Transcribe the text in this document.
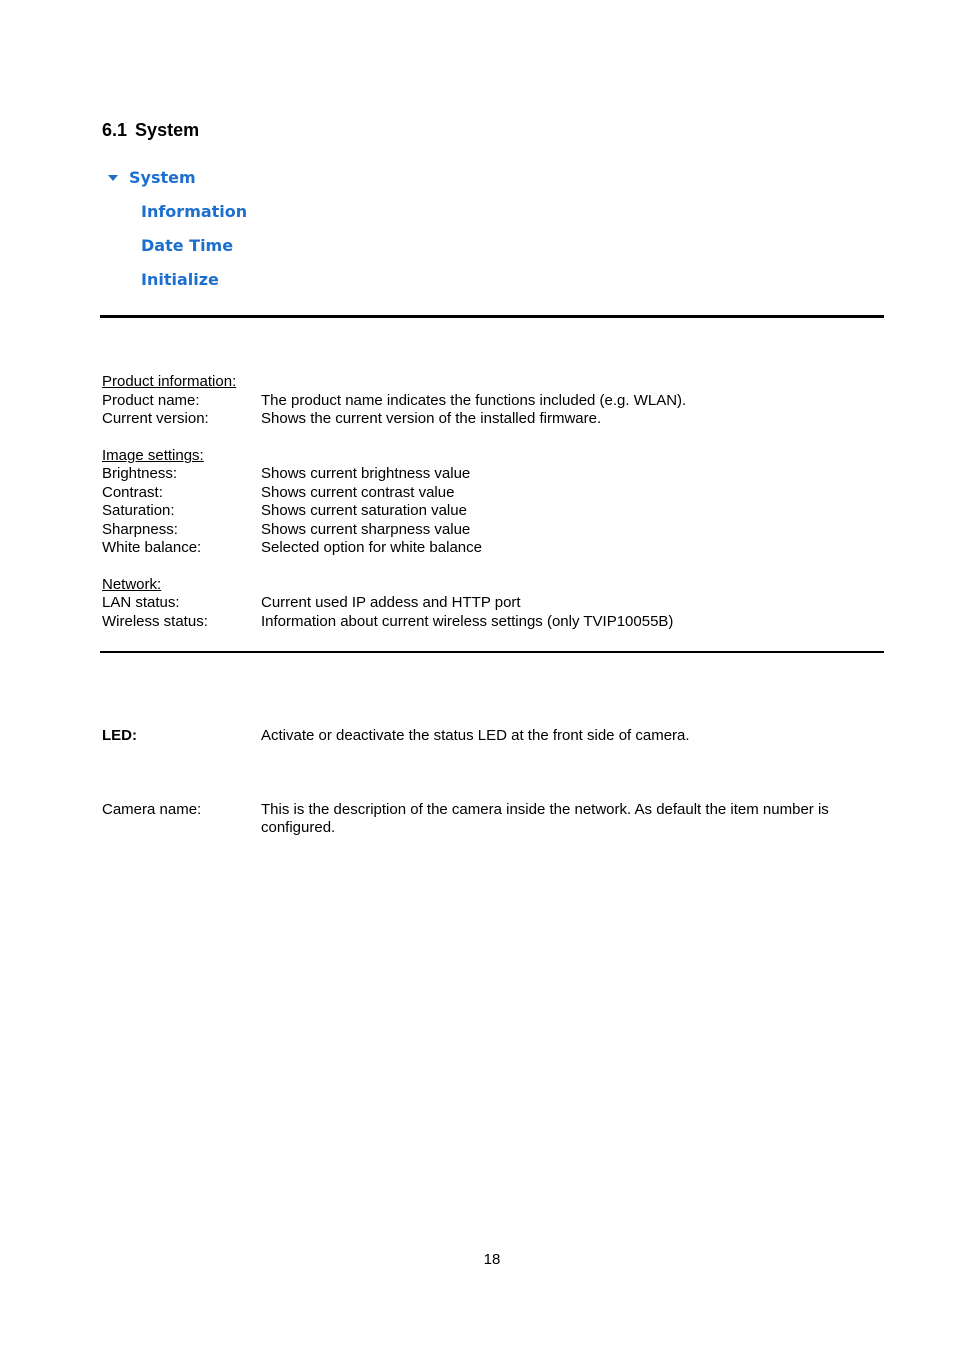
6.1 System
System
Information
Date Time
Initialize
Product information:
Product name:	The product name indicates the functions included (e.g. WLAN).
Current version:	Shows the current version of the installed firmware.
Image settings:
Brightness:	Shows current brightness value
Contrast:	Shows current contrast value
Saturation:	Shows current saturation value
Sharpness:	Shows current sharpness value
White balance:	Selected option for white balance
Network:
LAN status:	Current used IP addess and HTTP port
Wireless status:	Information about current wireless settings (only TVIP10055B)
LED:	Activate or deactivate the status LED at the front side of camera.
Camera name:	This is the description of the camera inside the network. As default the item number is configured.
18
